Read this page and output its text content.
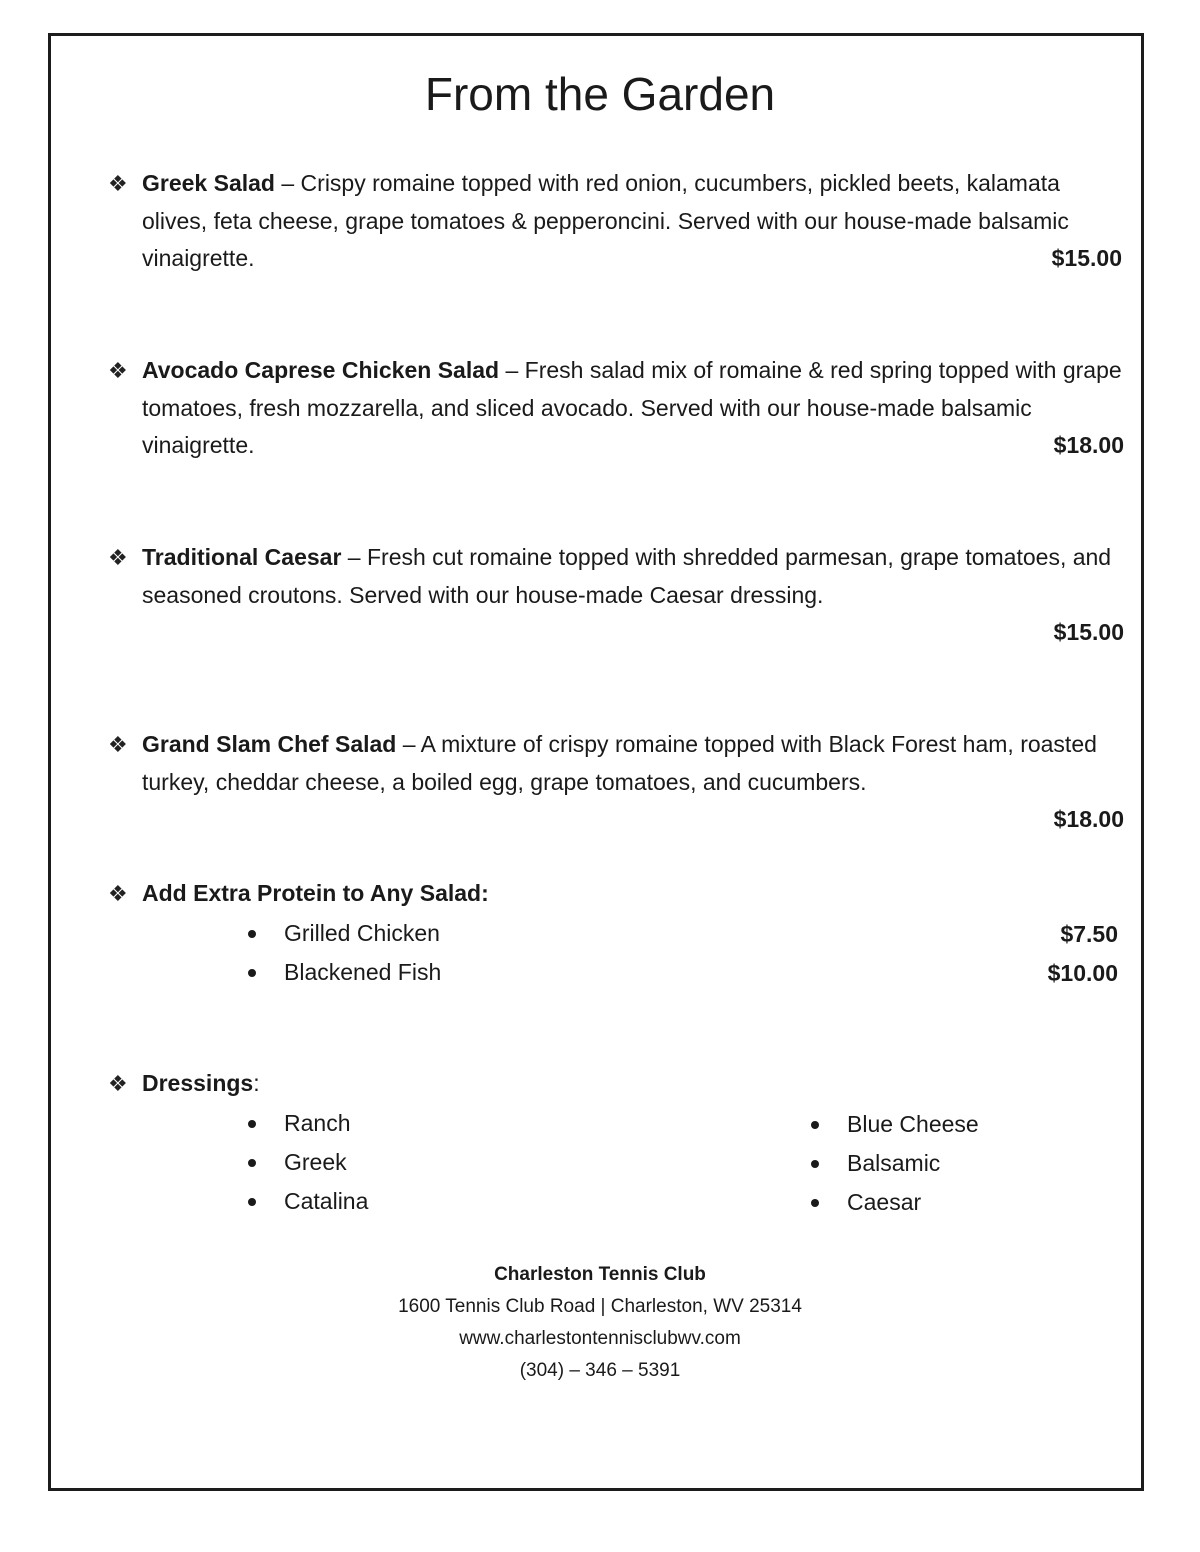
From the Garden
❖ Greek Salad – Crispy romaine topped with red onion, cucumbers, pickled beets, kalamata olives, feta cheese, grape tomatoes & pepperoncini. Served with our house-made balsamic vinaigrette.	$15.00
❖ Avocado Caprese Chicken Salad – Fresh salad mix of romaine & red spring topped with grape tomatoes, fresh mozzarella, and sliced avocado. Served with our house-made balsamic vinaigrette.	$18.00
❖ Traditional Caesar – Fresh cut romaine topped with shredded parmesan, grape tomatoes, and seasoned croutons. Served with our house-made Caesar dressing.
$15.00
❖ Grand Slam Chef Salad – A mixture of crispy romaine topped with Black Forest ham, roasted turkey, cheddar cheese, a boiled egg, grape tomatoes, and cucumbers.
$18.00
❖ Add Extra Protein to Any Salad:
Grilled Chicken
Blackened Fish
$7.50
$10.00
❖ Dressings:
Ranch
Greek
Catalina
Blue Cheese
Balsamic
Caesar
Charleston Tennis Club
1600 Tennis Club Road | Charleston, WV 25314
www.charlestontennisclubwv.com
(304) – 346 – 5391
